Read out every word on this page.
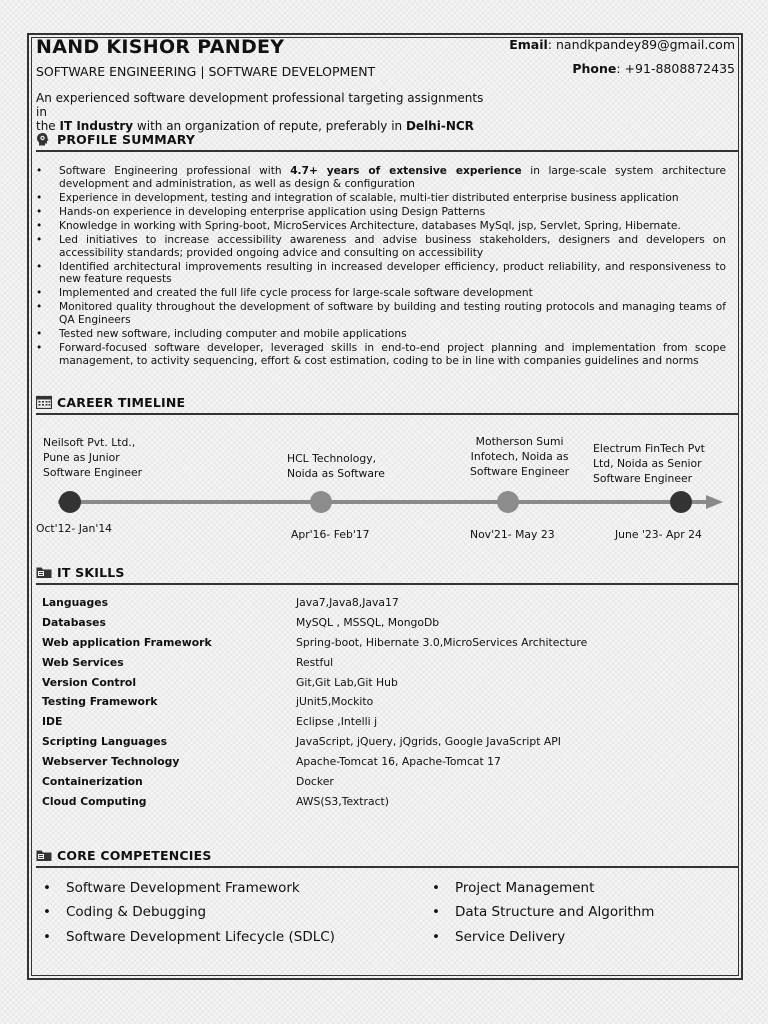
NAND KISHOR PANDEY
SOFTWARE ENGINEERING | SOFTWARE DEVELOPMENT
Email: nandkpandey89@gmail.com
Phone: +91-8808872435
An experienced software development professional targeting assignments in
the IT Industry with an organization of repute, preferably in Delhi-NCR
PROFILE SUMMARY
• Software Engineering professional with 4.7+ years of extensive experience in large-scale system architecture development and administration, as well as design & configuration
• Experience in development, testing and integration of scalable, multi-tier distributed enterprise business application
• Hands-on experience in developing enterprise application using Design Patterns
• Knowledge in working with Spring-boot, MicroServices Architecture, databases MySql, jsp, Servlet, Spring, Hibernate.
• Led initiatives to increase accessibility awareness and advise business stakeholders, designers and developers on accessibility standards; provided ongoing advice and consulting on accessibility
• Identified architectural improvements resulting in increased developer efficiency, product reliability, and responsiveness to new feature requests
• Implemented and created the full life cycle process for large-scale software development
• Monitored quality throughout the development of software by building and testing routing protocols and managing teams of QA Engineers
• Tested new software, including computer and mobile applications
• Forward-focused software developer, leveraged skills in end-to-end project planning and implementation from scope management, to activity sequencing, effort & cost estimation, coding to be in line with companies guidelines and norms
CAREER TIMELINE
Neilsoft Pvt. Ltd.,
Pune as Junior
Software Engineer
HCL Technology,
Noida as Software
Motherson Sumi
Infotech, Noida as
Software Engineer
Electrum FinTech Pvt
Ltd, Noida as Senior
Software Engineer
Oct'12- Jan'14	Apr'16- Feb'17	Nov'21- May 23	June '23- Apr 24
IT SKILLS
Languages	Java7,Java8,Java17
Databases	MySQL , MSSQL, MongoDb
Web application Framework	Spring-boot, Hibernate 3.0,MicroServices Architecture
Web Services	Restful
Version Control	Git,Git Lab,Git Hub
Testing Framework	jUnit5,Mockito
IDE	Eclipse ,Intelli j
Scripting Languages	JavaScript, jQuery, jQgrids, Google JavaScript API
Webserver Technology	Apache-Tomcat 16, Apache-Tomcat 17
Containerization	Docker
Cloud Computing	AWS(S3,Textract)
CORE COMPETENCIES
• Software Development Framework
• Coding & Debugging
• Software Development Lifecycle (SDLC)
• Project Management
• Data Structure and Algorithm
• Service Delivery
